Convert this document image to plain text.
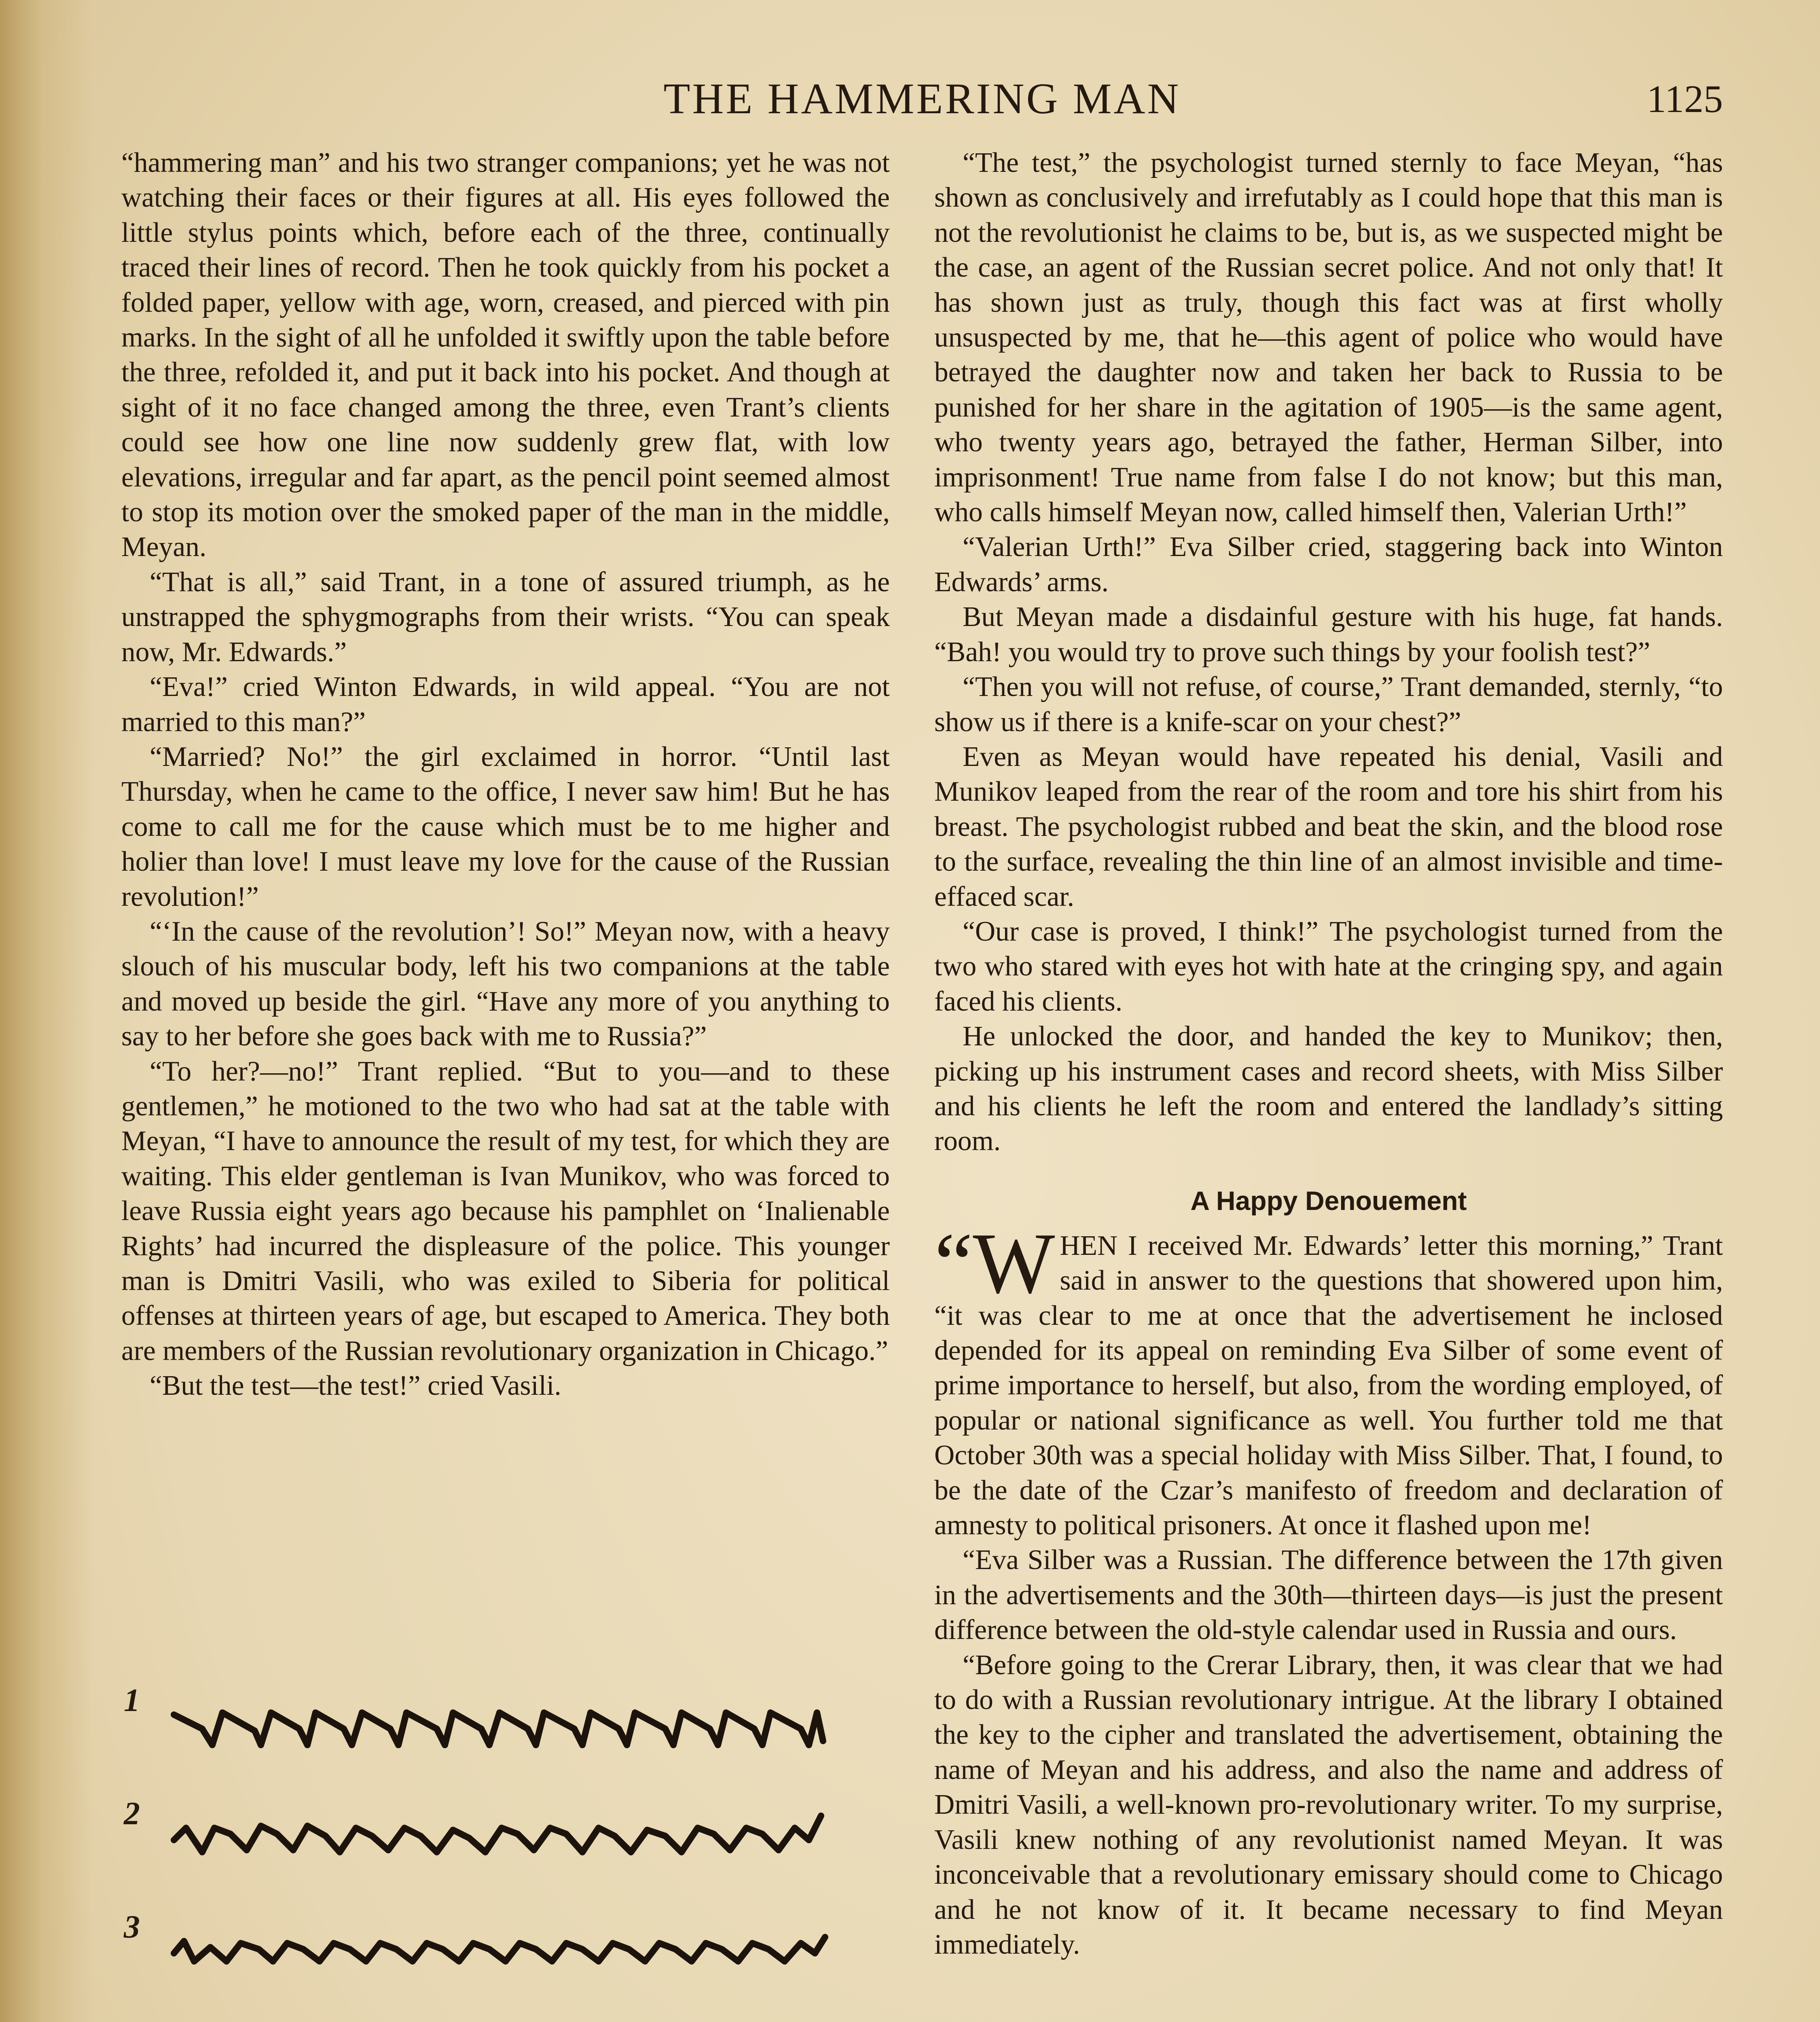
THE HAMMERING MAN	1125

“hammering man” and his two stranger companions; yet he was not watching their faces or their figures at all. His eyes followed the little stylus points which, before each of the three, continually traced their lines of record. Then he took quickly from his pocket a folded paper, yellow with age, worn, creased, and pierced with pin marks. In the sight of all he unfolded it swiftly upon the table before the three, refolded it, and put it back into his pocket. And though at sight of it no face changed among the three, even Trant’s clients could see how one line now suddenly grew flat, with low elevations, irregular and far apart, as the pencil point seemed almost to stop its motion over the smoked paper of the man in the middle, Meyan.

“That is all,” said Trant, in a tone of assured triumph, as he unstrapped the sphygmographs from their wrists. “You can speak now, Mr. Edwards.”

“Eva!” cried Winton Edwards, in wild appeal. “You are not married to this man?”

“Married? No!” the girl exclaimed in horror. “Until last Thursday, when he came to the office, I never saw him! But he has come to call me for the cause which must be to me higher and holier than love! I must leave my love for the cause of the Russian revolution!”

“‘In the cause of the revolution’! So!” Meyan now, with a heavy slouch of his muscular body, left his two companions at the table and moved up beside the girl. “Have any more of you anything to say to her before she goes back with me to Russia?”

“To her?—no!” Trant replied. “But to you—and to these gentlemen,” he motioned to the two who had sat at the table with Meyan, “I have to announce the result of my test, for which they are waiting. This elder gentleman is Ivan Munikov, who was forced to leave Russia eight years ago because his pamphlet on ‘Inalienable Rights’ had incurred the displeasure of the police. This younger man is Dmitri Vasili, who was exiled to Siberia for political offenses at thirteen years of age, but escaped to America. They both are members of the Russian revolutionary organization in Chicago.”

“But the test—the test!” cried Vasili.

1
2
3

“The test,” the psychologist turned sternly to face Meyan, “has shown as conclusively and irrefutably as I could hope that this man is not the revolutionist he claims to be, but is, as we suspected might be the case, an agent of the Russian secret police. And not only that! It has shown just as truly, though this fact was at first wholly unsuspected by me, that he—this agent of police who would have betrayed the daughter now and taken her back to Russia to be punished for her share in the agitation of 1905—is the same agent, who twenty years ago, betrayed the father, Herman Silber, into imprisonment! True name from false I do not know; but this man, who calls himself Meyan now, called himself then, Valerian Urth!”

“Valerian Urth!” Eva Silber cried, staggering back into Winton Edwards’ arms.

But Meyan made a disdainful gesture with his huge, fat hands. “Bah! you would try to prove such things by your foolish test?”

“Then you will not refuse, of course,” Trant demanded, sternly, “to show us if there is a knife-scar on your chest?”

Even as Meyan would have repeated his denial, Vasili and Munikov leaped from the rear of the room and tore his shirt from his breast. The psychologist rubbed and beat the skin, and the blood rose to the surface, revealing the thin line of an almost invisible and time-effaced scar.

“Our case is proved, I think!” The psychologist turned from the two who stared with eyes hot with hate at the cringing spy, and again faced his clients.

He unlocked the door, and handed the key to Munikov; then, picking up his instrument cases and record sheets, with Miss Silber and his clients he left the room and entered the landlady’s sitting room.

A Happy Denouement

“WHEN I received Mr. Edwards’ letter this morning,” Trant said in answer to the questions that showered upon him, “it was clear to me at once that the advertisement he inclosed depended for its appeal on reminding Eva Silber of some event of prime importance to herself, but also, from the wording employed, of popular or national significance as well. You further told me that October 30th was a special holiday with Miss Silber. That, I found, to be the date of the Czar’s manifesto of freedom and declaration of amnesty to political prisoners. At once it flashed upon me!

“Eva Silber was a Russian. The difference between the 17th given in the advertisements and the 30th—thirteen days—is just the present difference between the old-style calendar used in Russia and ours.

“Before going to the Crerar Library, then, it was clear that we had to do with a Russian revolutionary intrigue. At the library I obtained the key to the cipher and translated the advertisement, obtaining the name of Meyan and his address, and also the name and address of Dmitri Vasili, a well-known pro-revolutionary writer. To my surprise, Vasili knew nothing of any revolutionist named Meyan. It was inconceivable that a revolutionary emissary should come to Chicago and he not know of it. It became necessary to find Meyan immediately.
